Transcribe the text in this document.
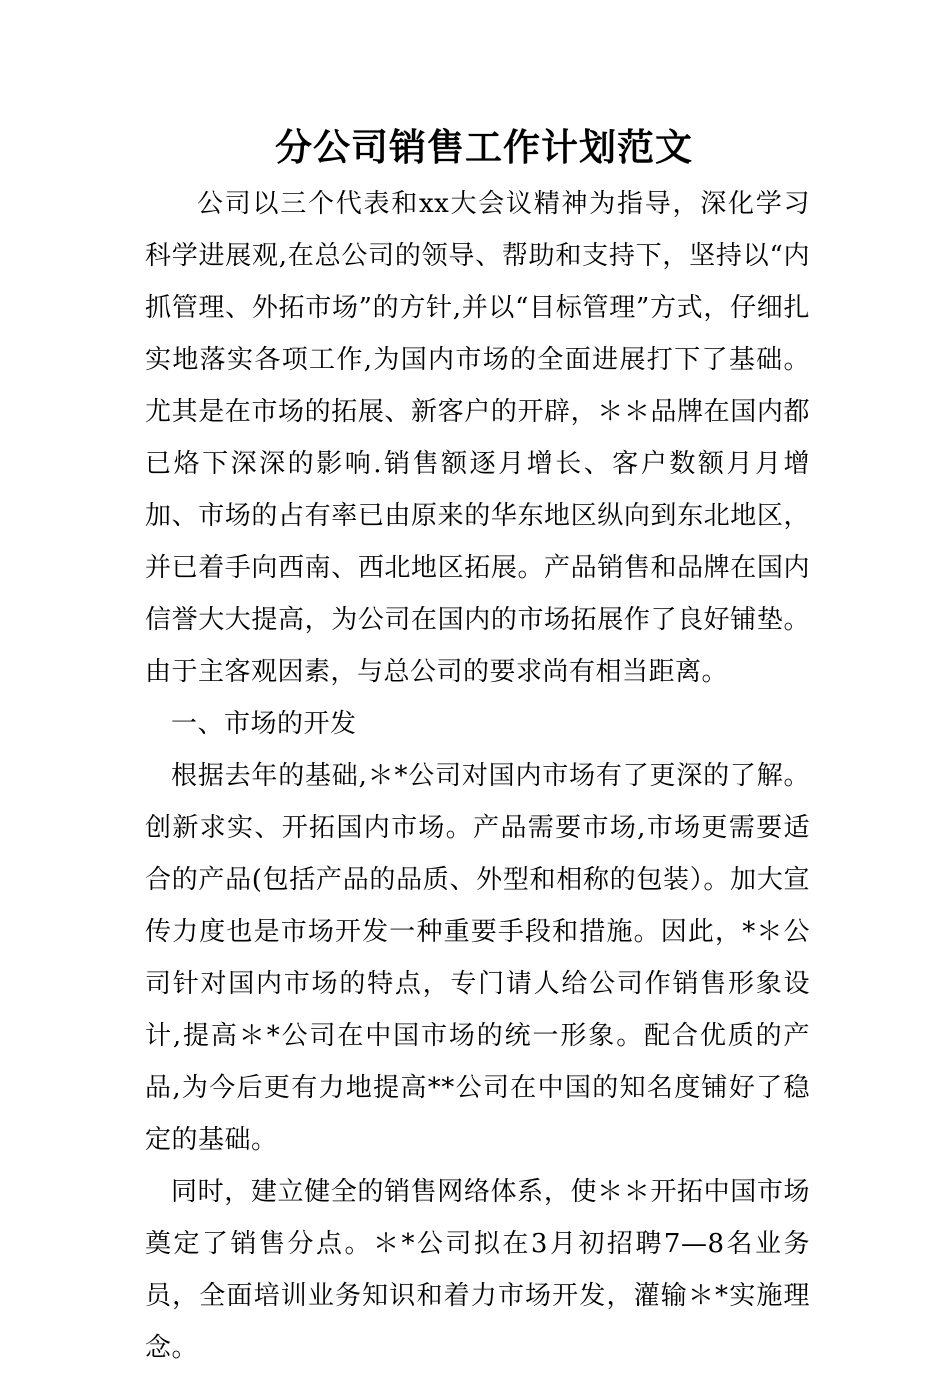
分公司销售工作计划范文

公司以三个代表和xx大会议精神为指导，深化学习科学进展观,在总公司的领导、帮助和支持下，坚持以“内抓管理、外拓市场”的方针,并以“目标管理”方式，仔细扎实地落实各项工作,为国内市场的全面进展打下了基础。尤其是在市场的拓展、新客户的开辟，＊＊品牌在国内都已烙下深深的影响.销售额逐月增长、客户数额月月增加、市场的占有率已由原来的华东地区纵向到东北地区，并已着手向西南、西北地区拓展。产品销售和品牌在国内信誉大大提高，为公司在国内的市场拓展作了良好铺垫。由于主客观因素，与总公司的要求尚有相当距离。

一、市场的开发

根据去年的基础,＊*公司对国内市场有了更深的了解。创新求实、开拓国内市场。产品需要市场,市场更需要适合的产品(包括产品的品质、外型和相称的包装）。加大宣传力度也是市场开发一种重要手段和措施。因此，*＊公司针对国内市场的特点，专门请人给公司作销售形象设计,提高＊*公司在中国市场的统一形象。配合优质的产品,为今后更有力地提高**公司在中国的知名度铺好了稳定的基础。

同时，建立健全的销售网络体系，使＊＊开拓中国市场奠定了销售分点。＊*公司拟在3月初招聘7—8名业务员，全面培训业务知识和着力市场开发，灌输＊*实施理念。
